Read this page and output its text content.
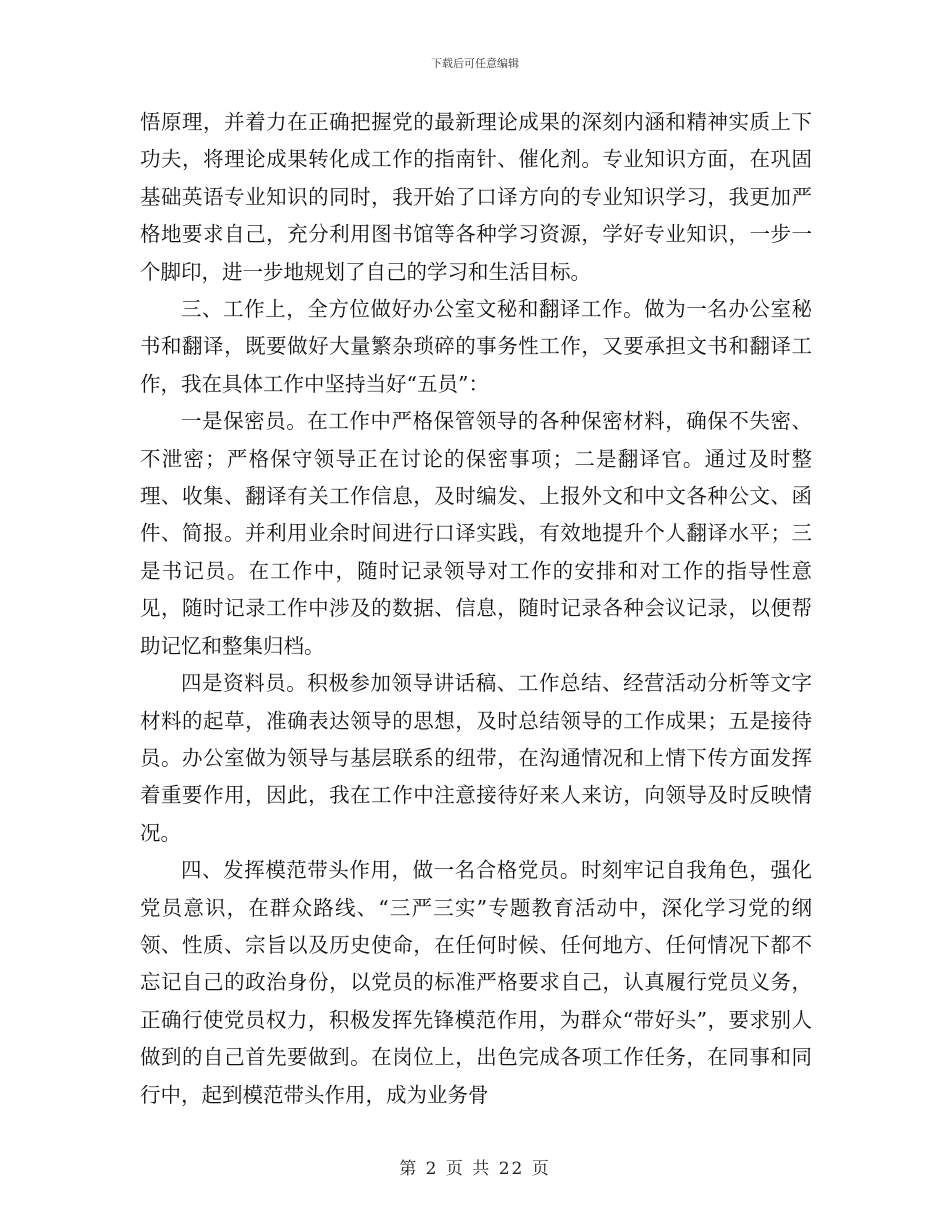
下载后可任意编辑

悟原理，并着力在正确把握党的最新理论成果的深刻内涵和精神实质上下功夫，将理论成果转化成工作的指南针、催化剂。专业知识方面，在巩固基础英语专业知识的同时，我开始了口译方向的专业知识学习，我更加严格地要求自己，充分利用图书馆等各种学习资源，学好专业知识，一步一个脚印，进一步地规划了自己的学习和生活目标。

三、工作上，全方位做好办公室文秘和翻译工作。做为一名办公室秘书和翻译，既要做好大量繁杂琐碎的事务性工作，又要承担文书和翻译工作，我在具体工作中坚持当好“五员”：

一是保密员。在工作中严格保管领导的各种保密材料，确保不失密、不泄密；严格保守领导正在讨论的保密事项；二是翻译官。通过及时整理、收集、翻译有关工作信息，及时编发、上报外文和中文各种公文、函件、简报。并利用业余时间进行口译实践，有效地提升个人翻译水平；三是书记员。在工作中，随时记录领导对工作的安排和对工作的指导性意见，随时记录工作中涉及的数据、信息，随时记录各种会议记录，以便帮助记忆和整集归档。

四是资料员。积极参加领导讲话稿、工作总结、经营活动分析等文字材料的起草，准确表达领导的思想，及时总结领导的工作成果；五是接待员。办公室做为领导与基层联系的纽带，在沟通情况和上情下传方面发挥着重要作用，因此，我在工作中注意接待好来人来访，向领导及时反映情况。

四、发挥模范带头作用，做一名合格党员。时刻牢记自我角色，强化党员意识，在群众路线、“三严三实”专题教育活动中，深化学习党的纲领、性质、宗旨以及历史使命，在任何时候、任何地方、任何情况下都不忘记自己的政治身份，以党员的标准严格要求自己，认真履行党员义务，正确行使党员权力，积极发挥先锋模范作用，为群众“带好头”，要求别人做到的自己首先要做到。在岗位上，出色完成各项工作任务，在同事和同行中，起到模范带头作用，成为业务骨

第 2 页 共 22 页
